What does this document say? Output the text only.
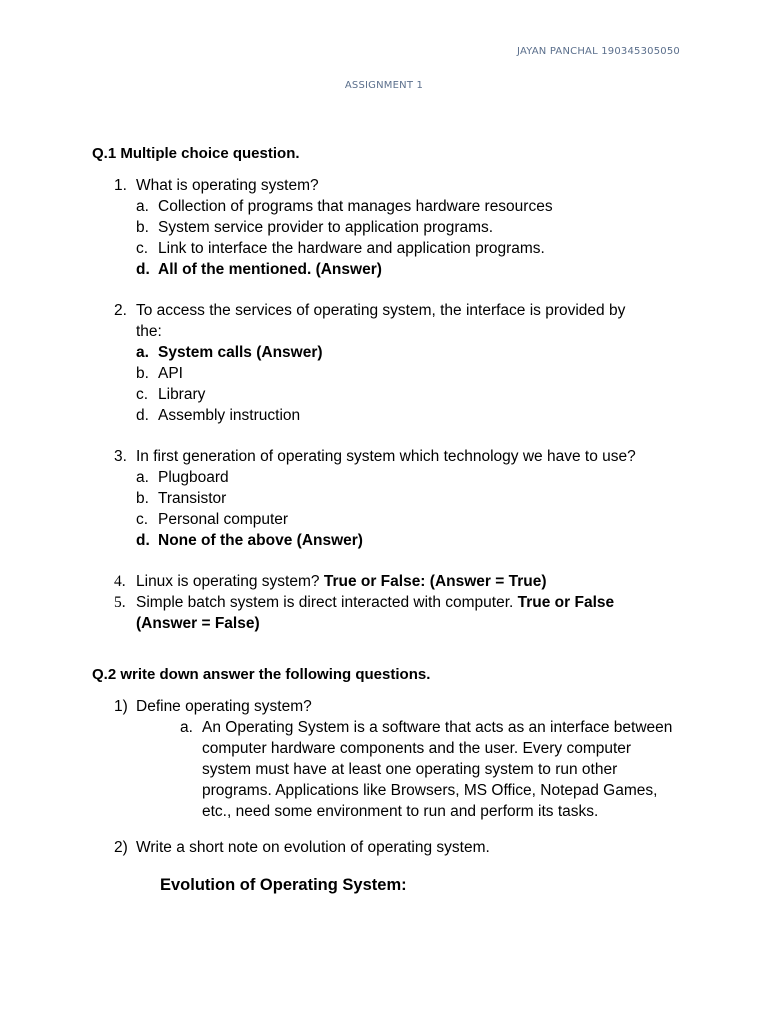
JAYAN PANCHAL 190345305050
ASSIGNMENT 1
Q.1 Multiple choice question.
1. What is operating system?
a. Collection of programs that manages hardware resources
b. System service provider to application programs.
c. Link to interface the hardware and application programs.
d. All of the mentioned. (Answer)
2. To access the services of operating system, the interface is provided by
the:
a. System calls (Answer)
b. API
c. Library
d. Assembly instruction
3. In first generation of operating system which technology we have to use?
a. Plugboard
b. Transistor
c. Personal computer
d. None of the above (Answer)
4. Linux is operating system? True or False: (Answer = True)
5. Simple batch system is direct interacted with computer. True or False
(Answer = False)
Q.2 write down answer the following questions.
1) Define operating system?
a. An Operating System is a software that acts as an interface between
computer hardware components and the user. Every computer
system must have at least one operating system to run other
programs. Applications like Browsers, MS Office, Notepad Games,
etc., need some environment to run and perform its tasks.
2) Write a short note on evolution of operating system.
Evolution of Operating System:
